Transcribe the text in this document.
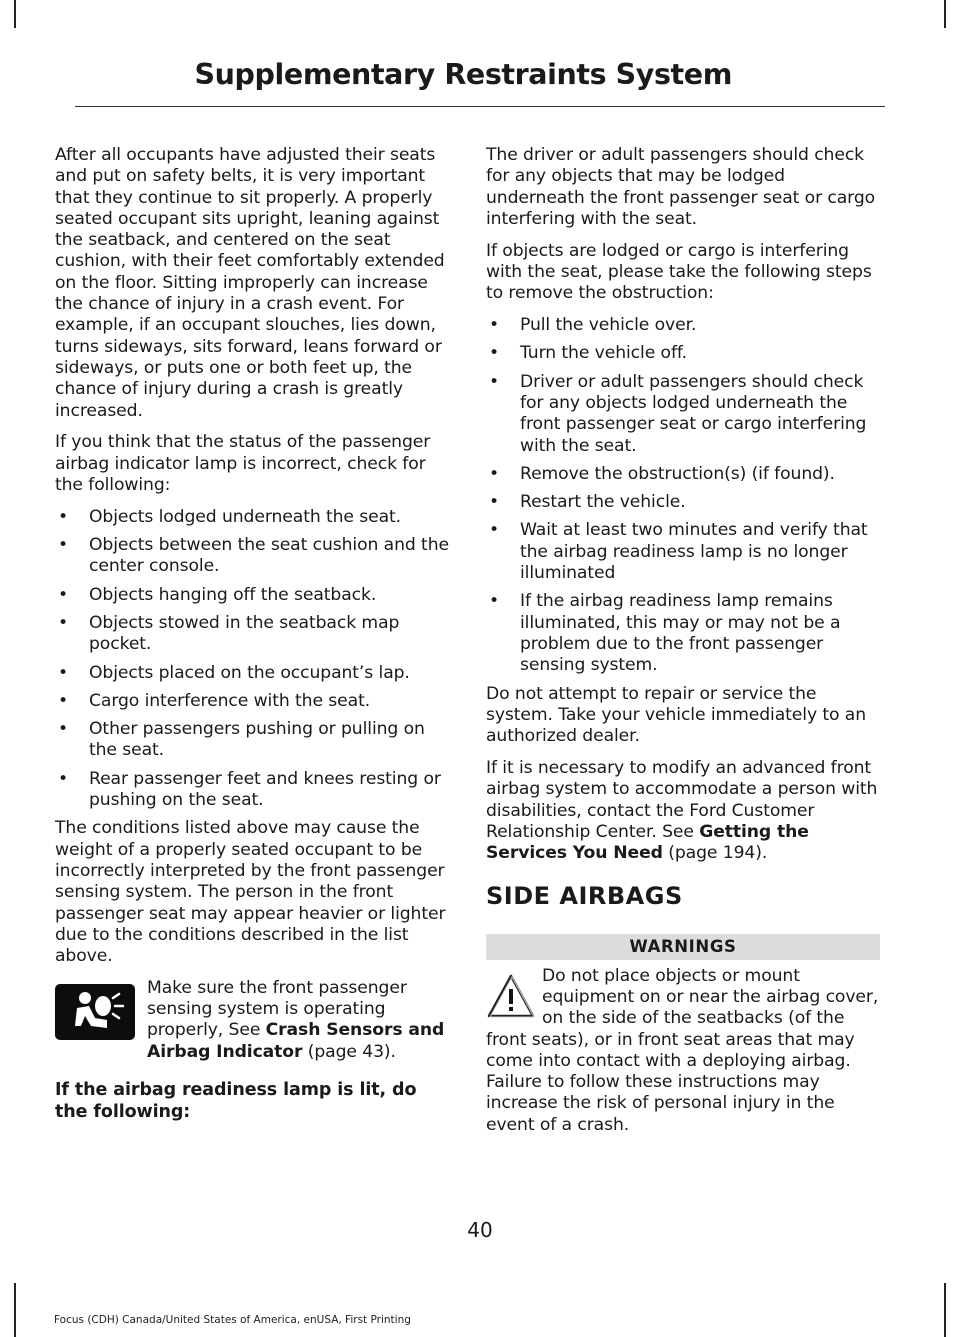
Supplementary Restraints System

After all occupants have adjusted their seats and put on safety belts, it is very important that they continue to sit properly. A properly seated occupant sits upright, leaning against the seatback, and centered on the seat cushion, with their feet comfortably extended on the floor. Sitting improperly can increase the chance of injury in a crash event. For example, if an occupant slouches, lies down, turns sideways, sits forward, leans forward or sideways, or puts one or both feet up, the chance of injury during a crash is greatly increased.

If you think that the status of the passenger airbag indicator lamp is incorrect, check for the following:

• Objects lodged underneath the seat.
• Objects between the seat cushion and the center console.
• Objects hanging off the seatback.
• Objects stowed in the seatback map pocket.
• Objects placed on the occupant’s lap.
• Cargo interference with the seat.
• Other passengers pushing or pulling on the seat.
• Rear passenger feet and knees resting or pushing on the seat.

The conditions listed above may cause the weight of a properly seated occupant to be incorrectly interpreted by the front passenger sensing system. The person in the front passenger seat may appear heavier or lighter due to the conditions described in the list above.

Make sure the front passenger sensing system is operating properly, See Crash Sensors and Airbag Indicator (page 43).
If the airbag readiness lamp is lit, do the following:

The driver or adult passengers should check for any objects that may be lodged underneath the front passenger seat or cargo interfering with the seat.

If objects are lodged or cargo is interfering with the seat, please take the following steps to remove the obstruction:

• Pull the vehicle over.
• Turn the vehicle off.
• Driver or adult passengers should check for any objects lodged underneath the front passenger seat or cargo interfering with the seat.
• Remove the obstruction(s) (if found).
• Restart the vehicle.
• Wait at least two minutes and verify that the airbag readiness lamp is no longer illuminated
• If the airbag readiness lamp remains illuminated, this may or may not be a problem due to the front passenger sensing system.

Do not attempt to repair or service the system. Take your vehicle immediately to an authorized dealer.

If it is necessary to modify an advanced front airbag system to accommodate a person with disabilities, contact the Ford Customer Relationship Center. See Getting the Services You Need (page 194).

SIDE AIRBAGS
WARNINGS
Do not place objects or mount equipment on or near the airbag cover, on the side of the seatbacks (of the front seats), or in front seat areas that may come into contact with a deploying airbag. Failure to follow these instructions may increase the risk of personal injury in the event of a crash.
40
Focus (CDH) Canada/United States of America, enUSA, First Printing
